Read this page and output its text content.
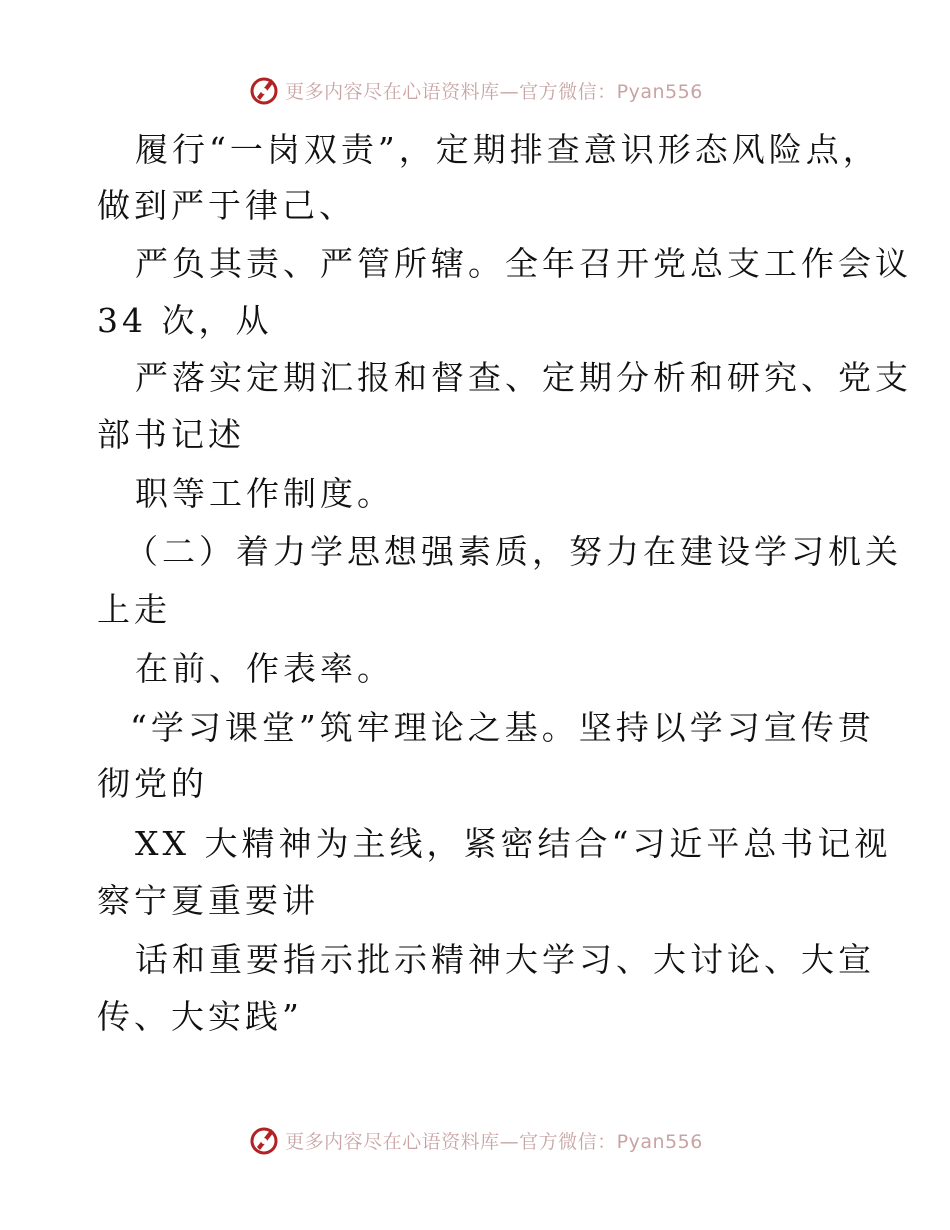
更多内容尽在心语资料库—官方微信：Pyan556
履行“一岗双责”，定期排查意识形态风险点，
做到严于律己、
严负其责、严管所辖。全年召开党总支工作会议
34 次，从
严落实定期汇报和督查、定期分析和研究、党支
部书记述
职等工作制度。
（二）着力学思想强素质，努力在建设学习机关
上走
在前、作表率。
“学习课堂”筑牢理论之基。坚持以学习宣传贯
彻党的
XX 大精神为主线，紧密结合“习近平总书记视
察宁夏重要讲
话和重要指示批示精神大学习、大讨论、大宣
传、大实践”
更多内容尽在心语资料库—官方微信：Pyan556
